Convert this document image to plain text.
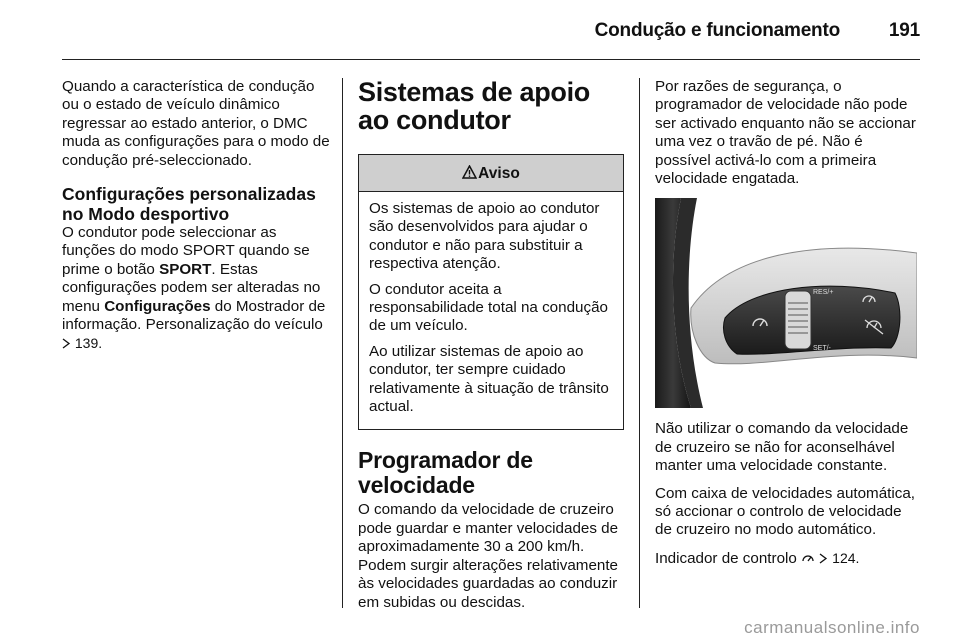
Condução e funcionamento	191

Quando a característica de condução ou o estado de veículo dinâmico regressar ao estado anterior, o DMC muda as configurações para o modo de condução pré-seleccionado.

Configurações personalizadas no Modo desportivo

O condutor pode seleccionar as funções do modo SPORT quando se prime o botão SPORT. Estas configurações podem ser alteradas no menu Configurações do Mostrador de informação. Personalização do veículo  139.

Sistemas de apoio ao condutor
Aviso

Os sistemas de apoio ao condutor são desenvolvidos para ajudar o condutor e não para substituir a respectiva atenção.

O condutor aceita a responsabilidade total na condução de um veículo.

Ao utilizar sistemas de apoio ao condutor, ter sempre cuidado relativamente à situação de trânsito actual.

Programador de velocidade

O comando da velocidade de cruzeiro pode guardar e manter velocidades de aproximadamente 30 a 200 km/h. Podem surgir alterações relativamente às velocidades guardadas ao conduzir em subidas ou descidas.

Por razões de segurança, o programador de velocidade não pode ser activado enquanto não se accionar uma vez o travão de pé. Não é possível activá-lo com a primeira velocidade engatada.

RES/+
SET/-

Não utilizar o comando da velocidade de cruzeiro se não for aconselhável manter uma velocidade constante.

Com caixa de velocidades automática, só accionar o controlo de velocidade de cruzeiro no modo automático.

Indicador de controlo   124.

carmanualsonline.info
